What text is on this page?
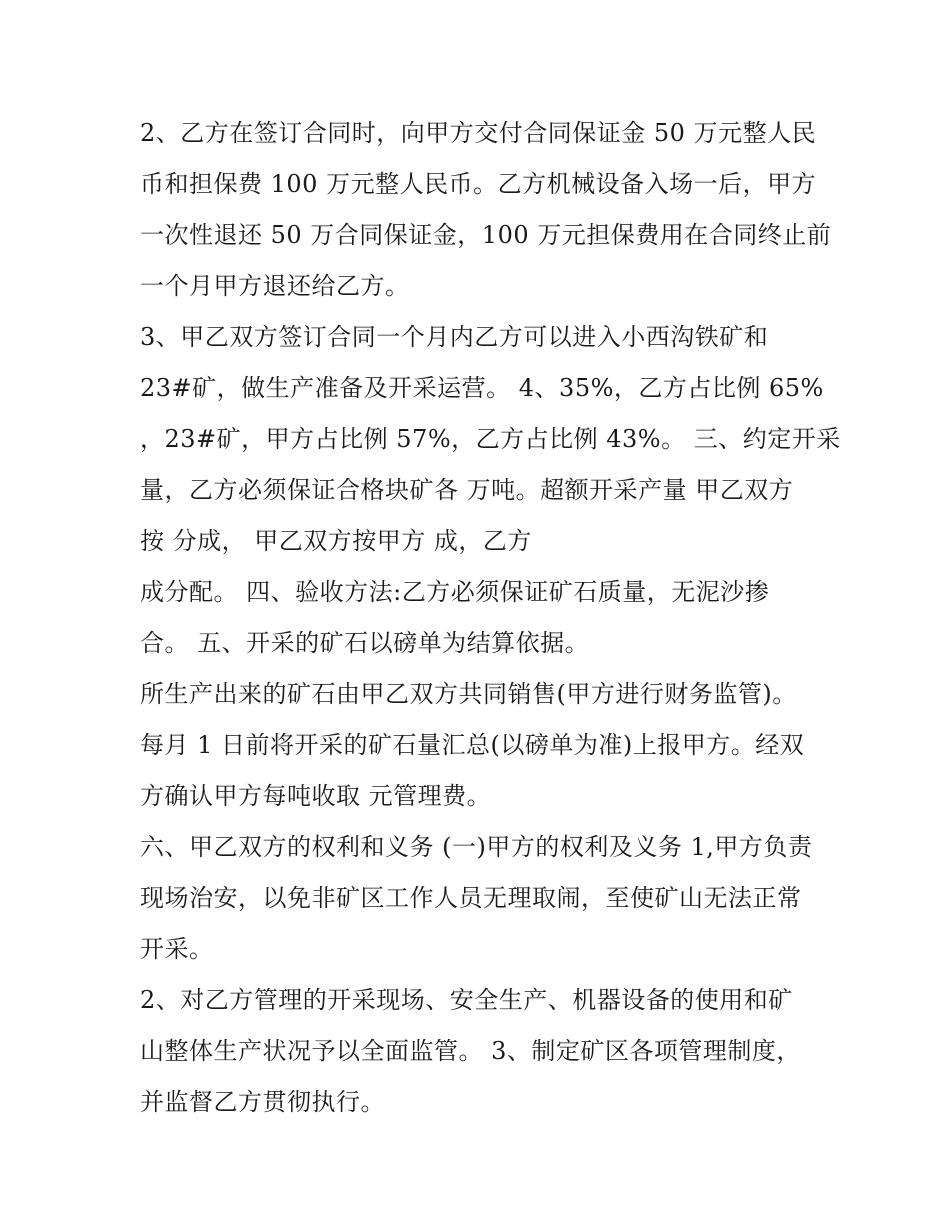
2、乙方在签订合同时，向甲方交付合同保证金 50 万元整人民
币和担保费 100 万元整人民币。乙方机械设备入场一后，甲方
一次性退还 50 万合同保证金，100 万元担保费用在合同终止前
一个月甲方退还给乙方。
3、甲乙双方签订合同一个月内乙方可以进入小西沟铁矿和
23#矿，做生产准备及开采运营。 4、35%，乙方占比例 65%
，23#矿，甲方占比例 57%，乙方占比例 43%。 三、约定开采
量，乙方必须保证合格块矿各 万吨。超额开采产量 甲乙双方
按 分成， 甲乙双方按甲方 成，乙方
成分配。 四、验收方法:乙方必须保证矿石质量，无泥沙掺
合。 五、开采的矿石以磅单为结算依据。
所生产出来的矿石由甲乙双方共同销售(甲方进行财务监管)。
每月 1 日前将开采的矿石量汇总(以磅单为准)上报甲方。经双
方确认甲方每吨收取 元管理费。
六、甲乙双方的权利和义务 (一)甲方的权利及义务 1,甲方负责
现场治安，以免非矿区工作人员无理取闹，至使矿山无法正常
开采。
2、对乙方管理的开采现场、安全生产、机器设备的使用和矿
山整体生产状况予以全面监管。 3、制定矿区各项管理制度，
并监督乙方贯彻执行。
